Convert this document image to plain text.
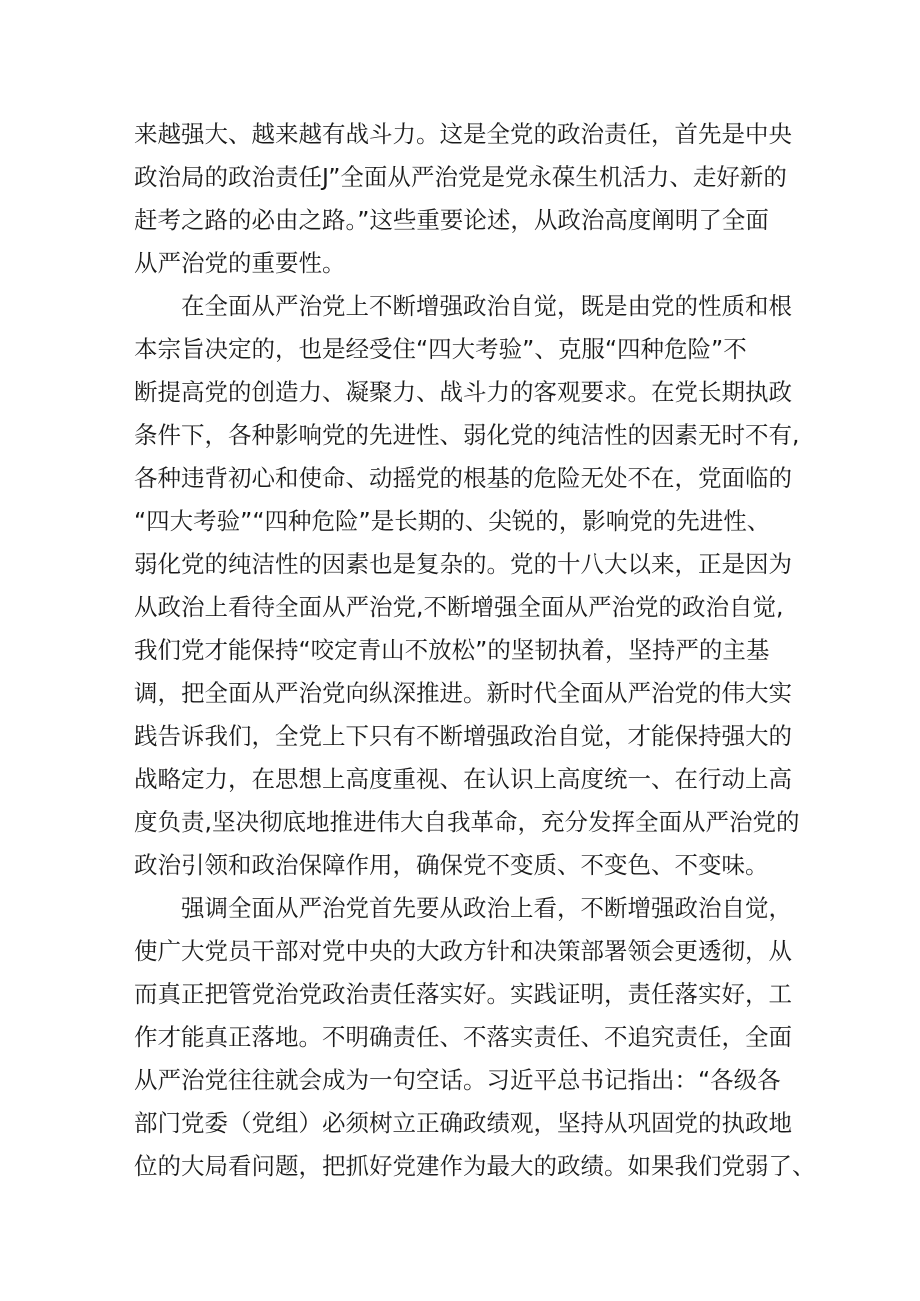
来越强大、越来越有战斗力。这是全党的政治责任，首先是中央
政治局的政治责任J”全面从严治党是党永葆生机活力、走好新的
赶考之路的必由之路。”这些重要论述，从政治高度阐明了全面
从严治党的重要性。
在全面从严治党上不断增强政治自觉，既是由党的性质和根
本宗旨决定的，也是经受住“四大考验”、克服“四种危险”不
断提高党的创造力、凝聚力、战斗力的客观要求。在党长期执政
条件下，各种影响党的先进性、弱化党的纯洁性的因素无时不有,
各种违背初心和使命、动摇党的根基的危险无处不在，党面临的
“四大考验”“四种危险”是长期的、尖锐的，影响党的先进性、
弱化党的纯洁性的因素也是复杂的。党的十八大以来，正是因为
从政治上看待全面从严治党,不断增强全面从严治党的政治自觉,
我们党才能保持“咬定青山不放松”的坚韧执着，坚持严的主基
调，把全面从严治党向纵深推进。新时代全面从严治党的伟大实
践告诉我们，全党上下只有不断增强政治自觉，才能保持强大的
战略定力，在思想上高度重视、在认识上高度统一、在行动上高
度负责,坚决彻底地推进伟大自我革命，充分发挥全面从严治党的
政治引领和政治保障作用，确保党不变质、不变色、不变味。
强调全面从严治党首先要从政治上看，不断增强政治自觉，
使广大党员干部对党中央的大政方针和决策部署领会更透彻，从
而真正把管党治党政治责任落实好。实践证明，责任落实好，工
作才能真正落地。不明确责任、不落实责任、不追究责任，全面
从严治党往往就会成为一句空话。习近平总书记指出：“各级各
部门党委（党组）必须树立正确政绩观，坚持从巩固党的执政地
位的大局看问题，把抓好党建作为最大的政绩。如果我们党弱了、
